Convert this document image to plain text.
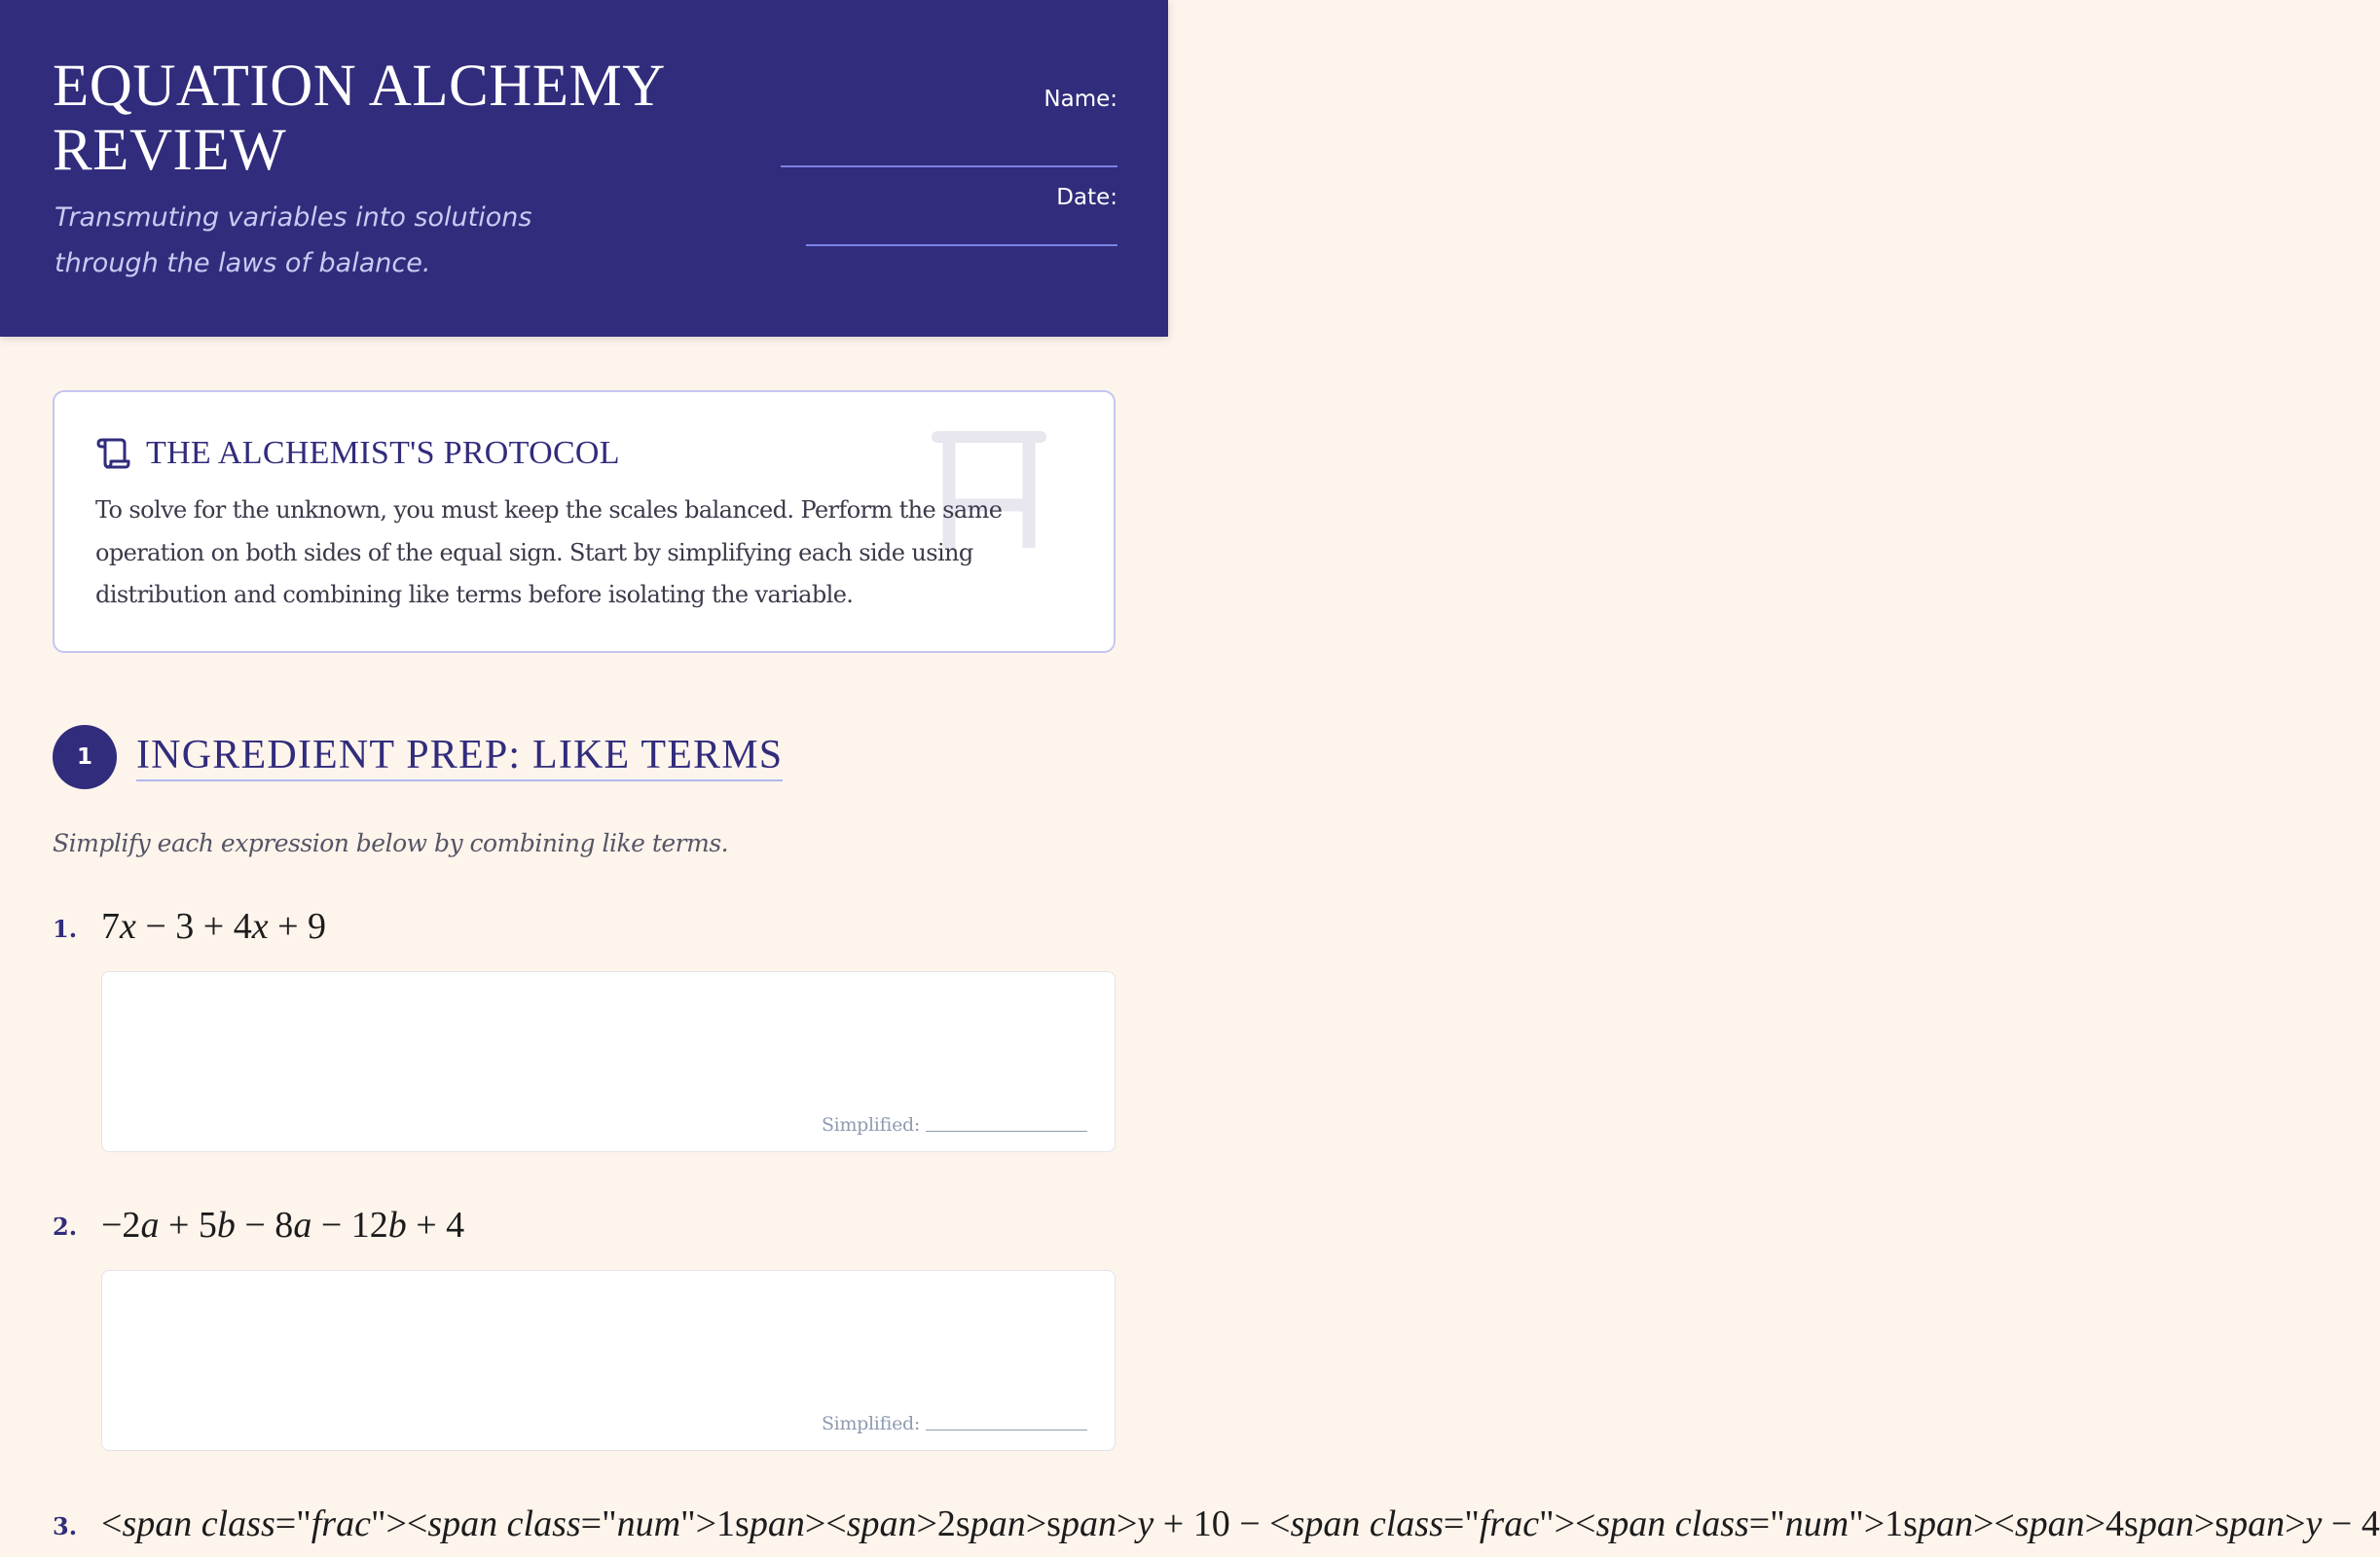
EQUATION ALCHEMY REVIEW

Transmuting variables into solutions through the laws of balance.

Name:
Date:
THE ALCHEMIST'S PROTOCOL

To solve for the unknown, you must keep the scales balanced. Perform the same operation on both sides of the equal sign. Start by simplifying each side using distribution and combining like terms before isolating the variable.

1	INGREDIENT PREP: LIKE TERMS

Simplify each expression below by combining like terms.

1. 7x − 3 + 4x + 9
Simplified:
2. −2a + 5b − 8a − 12b + 4
Simplified:
3. <span class="frac"><span class="num">1span><span>2span>span>y + 10 − <span class="frac"><span class="num">1span><span>4span>span>y − 4
